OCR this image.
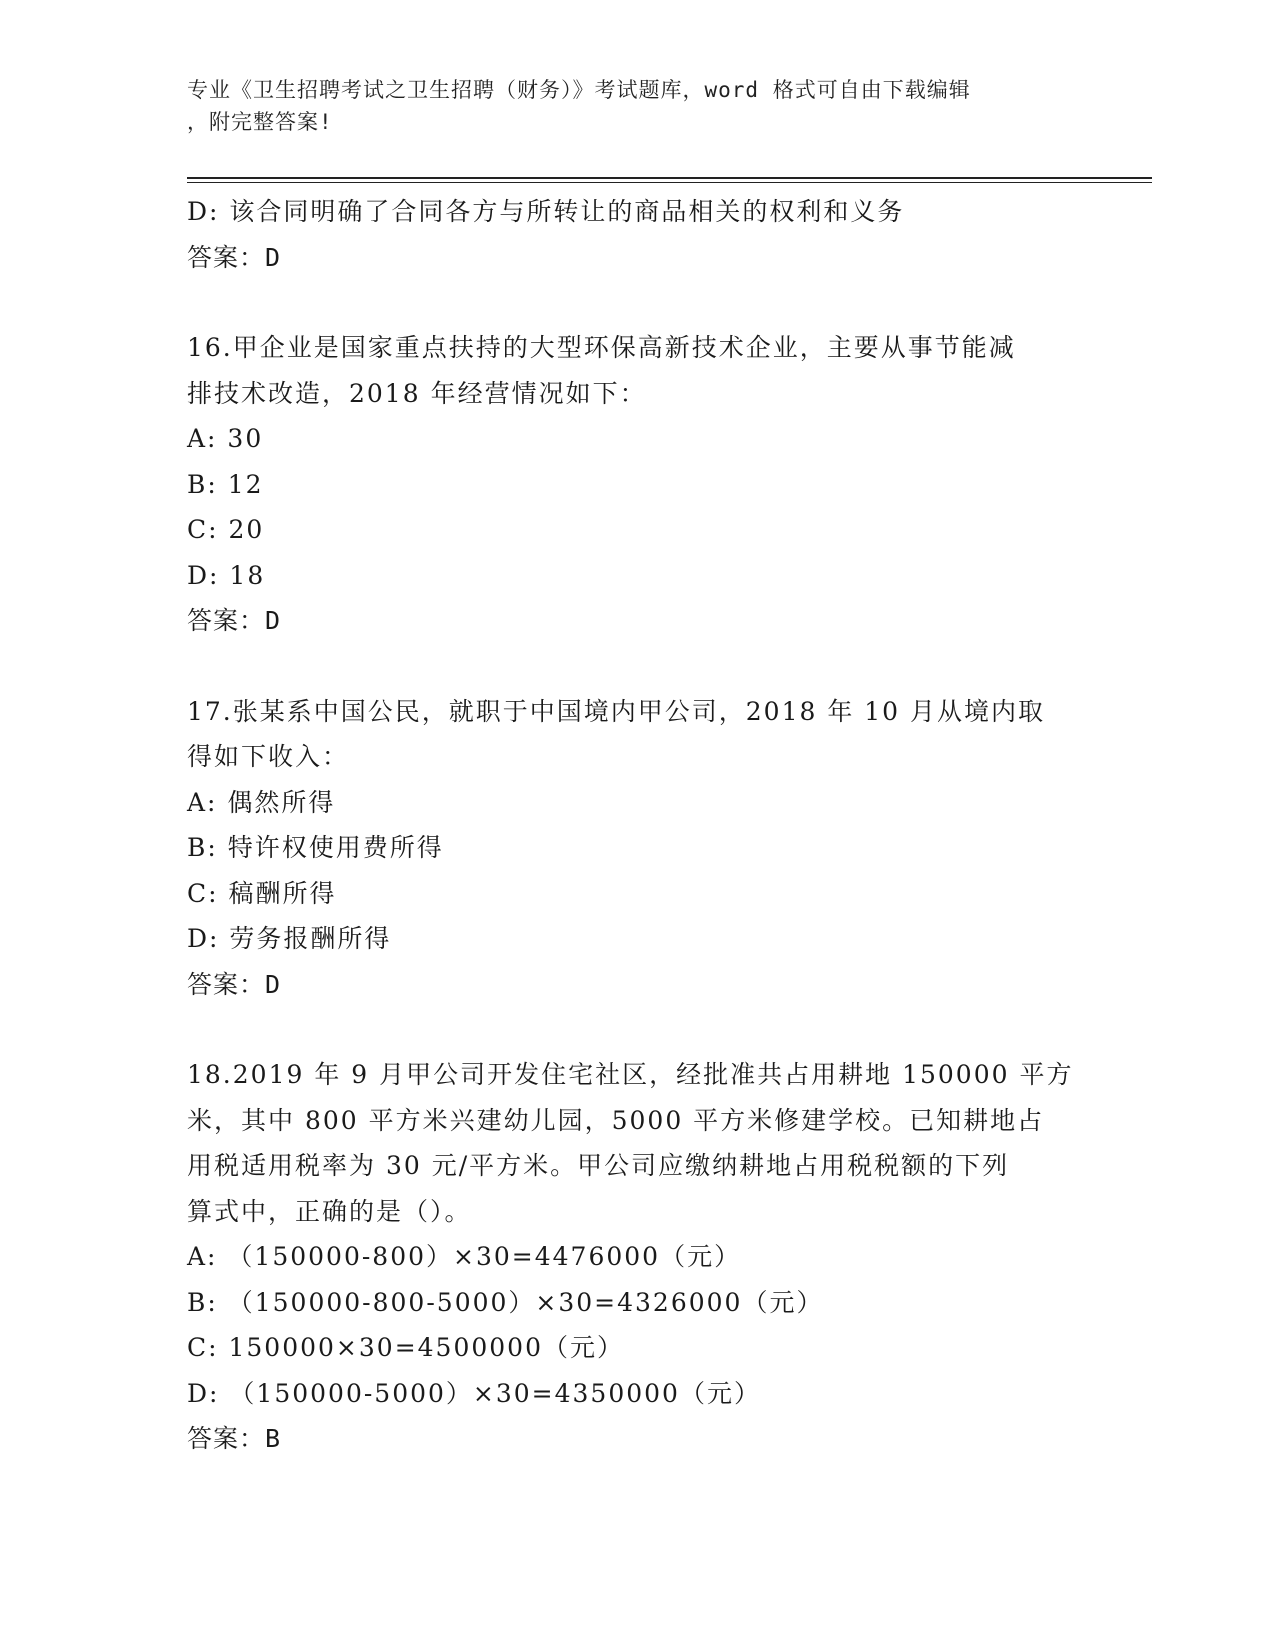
专业《卫生招聘考试之卫生招聘（财务）》考试题库，word 格式可自由下载编辑
，附完整答案!
D: 该合同明确了合同各方与所转让的商品相关的权利和义务
答案：D
16.甲企业是国家重点扶持的大型环保高新技术企业，主要从事节能减
排技术改造，2018 年经营情况如下：
A: 30
B: 12
C: 20
D: 18
答案：D
17.张某系中国公民，就职于中国境内甲公司，2018 年 10 月从境内取
得如下收入：
A: 偶然所得
B: 特许权使用费所得
C: 稿酬所得
D: 劳务报酬所得
答案：D
18.2019 年 9 月甲公司开发住宅社区，经批准共占用耕地 150000 平方
米，其中 800 平方米兴建幼儿园，5000 平方米修建学校。已知耕地占
用税适用税率为 30 元/平方米。甲公司应缴纳耕地占用税税额的下列
算式中，正确的是（）。
A: （150000-800）×30=4476000（元）
B: （150000-800-5000）×30=4326000（元）
C: 150000×30=4500000（元）
D: （150000-5000）×30=4350000（元）
答案：B
